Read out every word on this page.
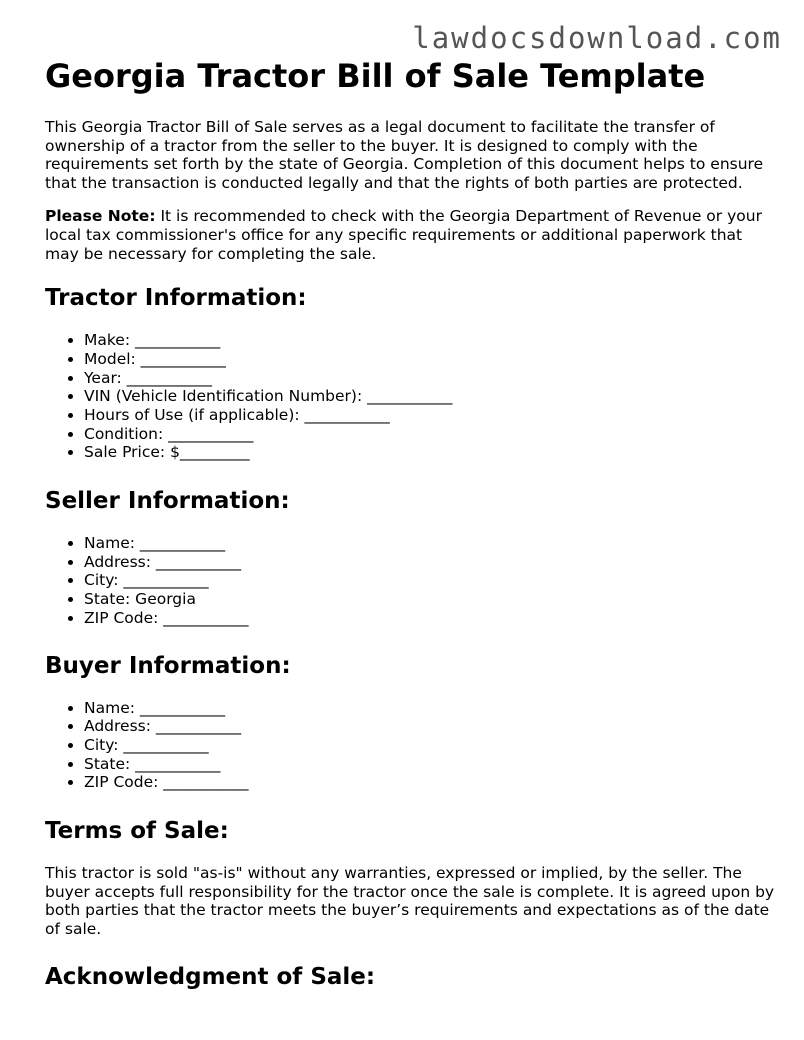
lawdocsdownload.com
Georgia Tractor Bill of Sale Template

This Georgia Tractor Bill of Sale serves as a legal document to facilitate the transfer of ownership of a tractor from the seller to the buyer. It is designed to comply with the requirements set forth by the state of Georgia. Completion of this document helps to ensure that the transaction is conducted legally and that the rights of both parties are protected.

Please Note: It is recommended to check with the Georgia Department of Revenue or your local tax commissioner's office for any specific requirements or additional paperwork that may be necessary for completing the sale.

Tractor Information:
• Make: ___________
• Model: ___________
• Year: ___________
• VIN (Vehicle Identification Number): ___________
• Hours of Use (if applicable): ___________
• Condition: ___________
• Sale Price: $_________
Seller Information:
• Name: ___________
• Address: ___________
• City: ___________
• State: Georgia
• ZIP Code: ___________
Buyer Information:
• Name: ___________
• Address: ___________
• City: ___________
• State: ___________
• ZIP Code: ___________
Terms of Sale:

This tractor is sold "as-is" without any warranties, expressed or implied, by the seller. The buyer accepts full responsibility for the tractor once the sale is complete. It is agreed upon by both parties that the tractor meets the buyer’s requirements and expectations as of the date of sale.

Acknowledgment of Sale:
